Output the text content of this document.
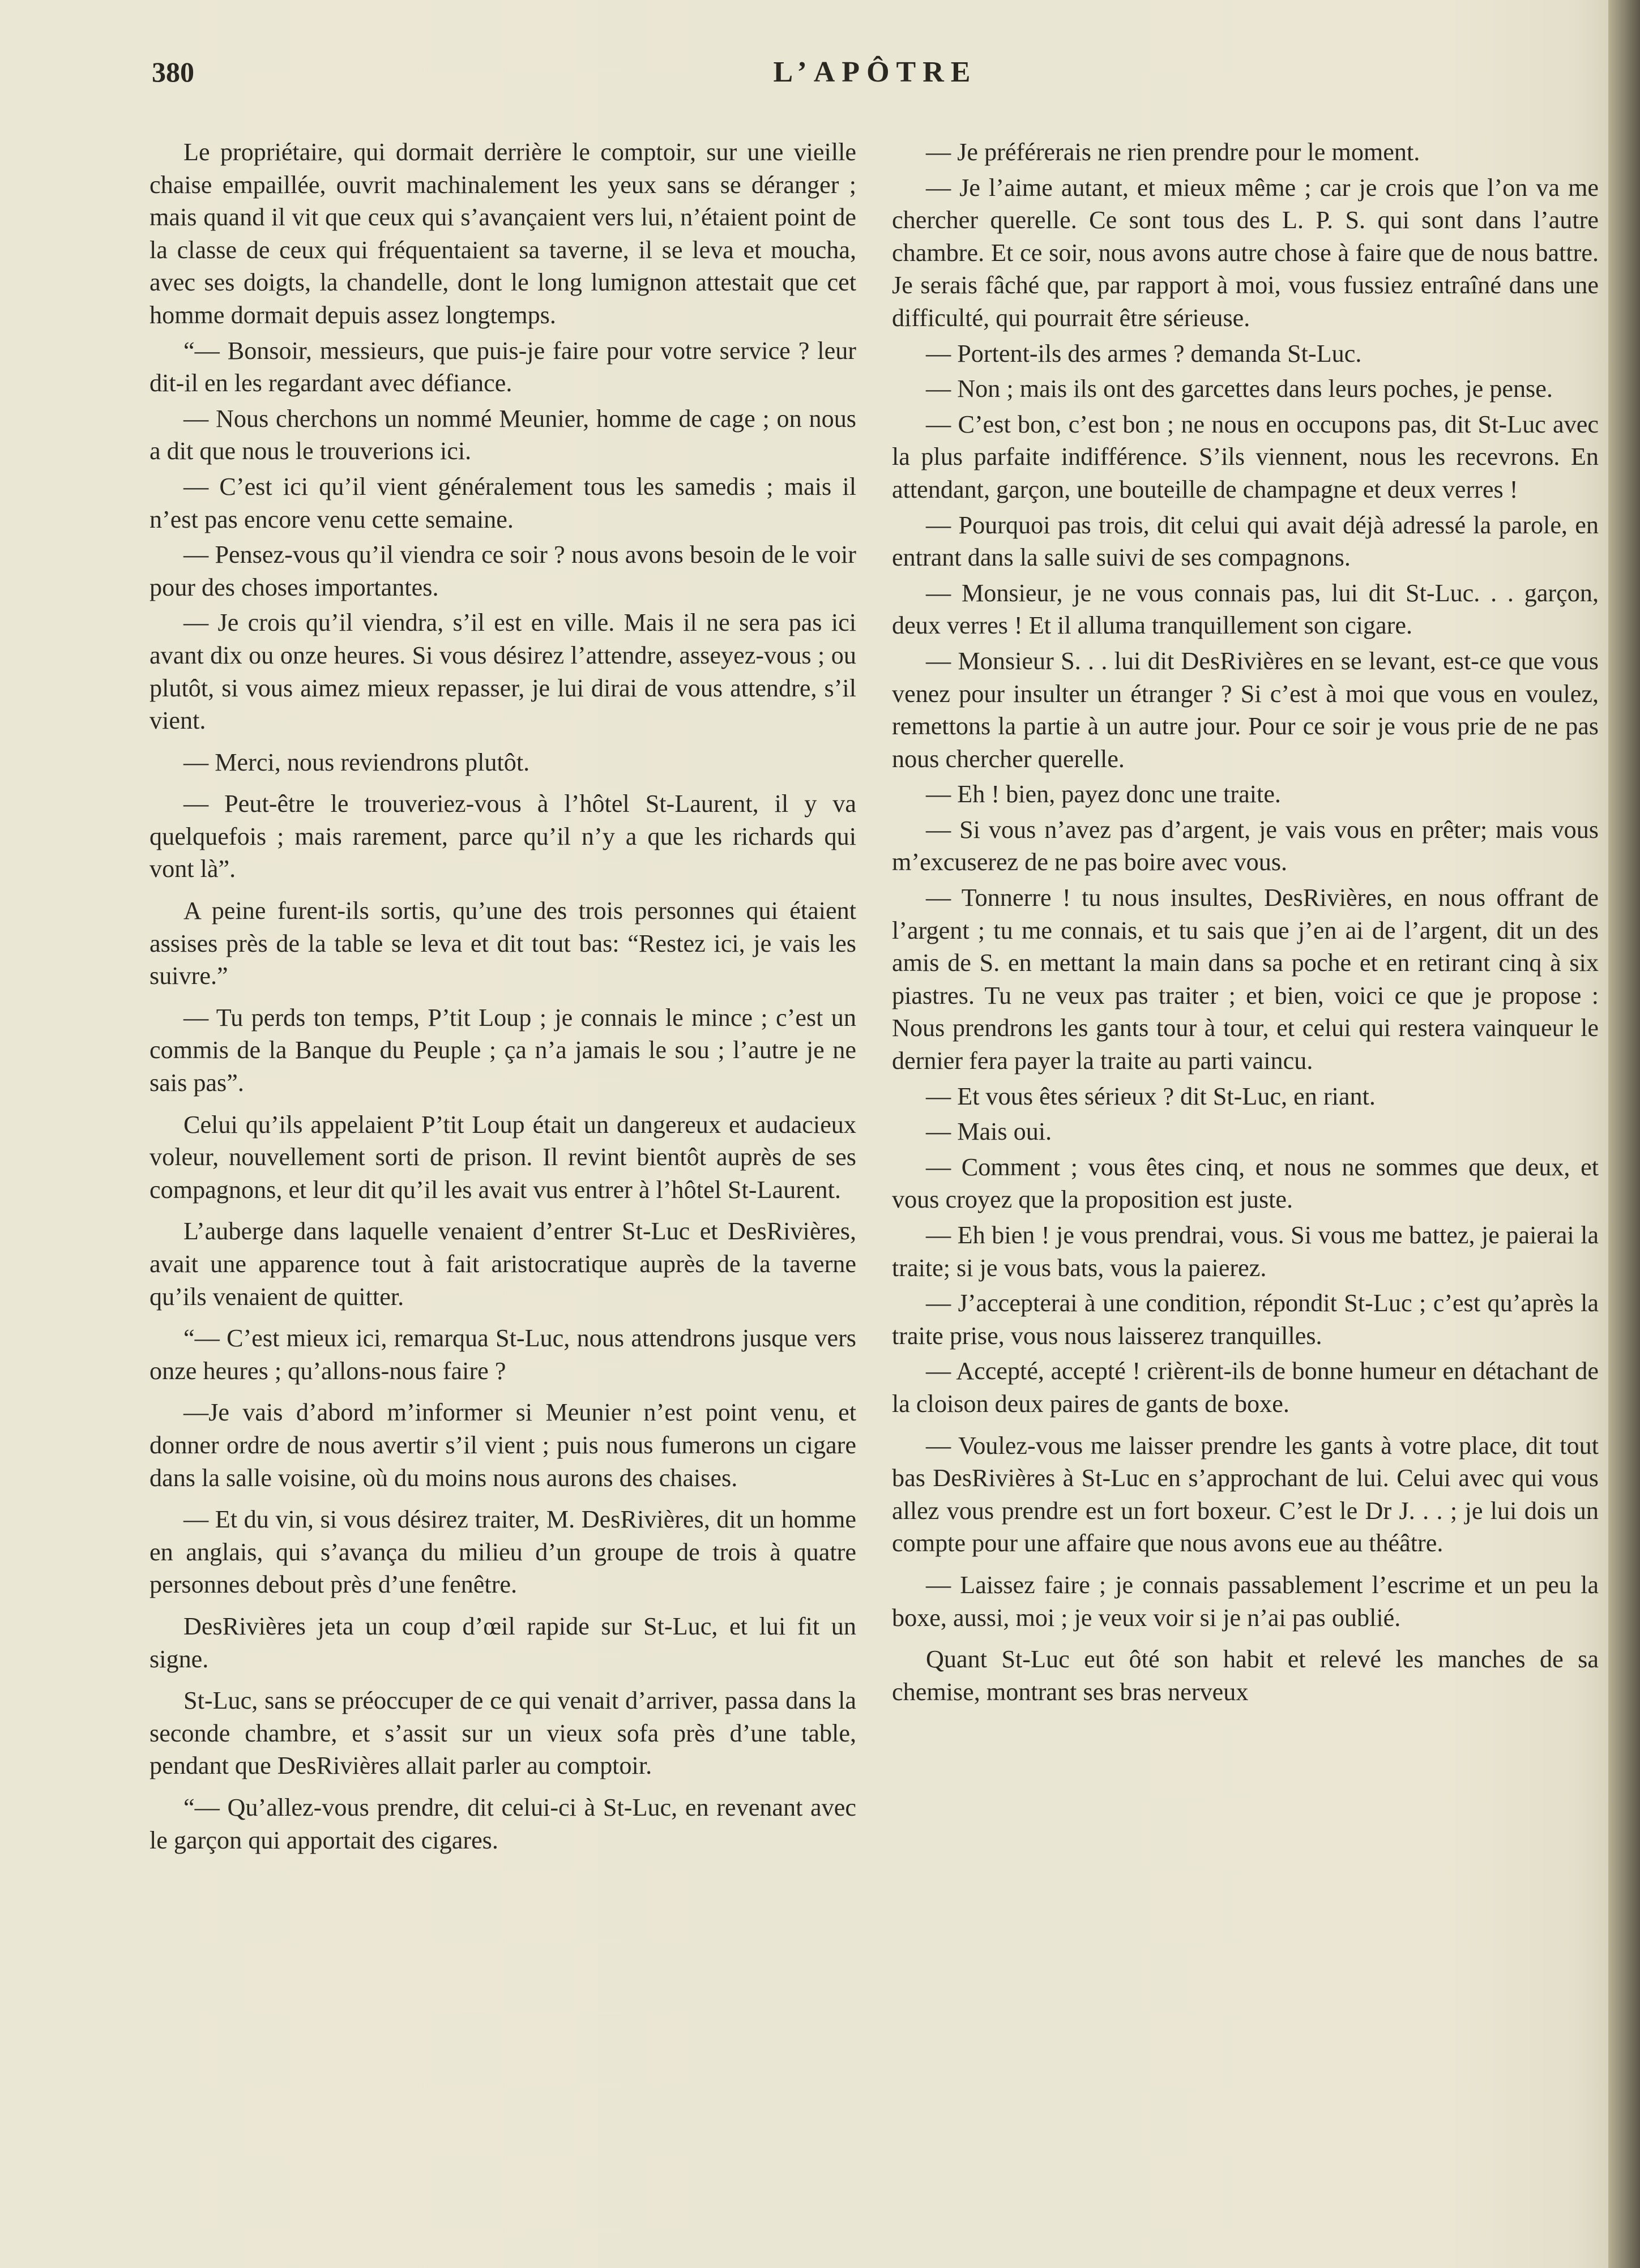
380	L’APÔTRE

Le propriétaire, qui dormait derrière le comptoir, sur une vieille chaise empaillée, ouvrit machinalement les yeux sans se déranger ; mais quand il vit que ceux qui s’avançaient vers lui, n’étaient point de la classe de ceux qui fréquentaient sa taverne, il se leva et moucha, avec ses doigts, la chandelle, dont le long lumignon attestait que cet homme dormait depuis assez longtemps.

“— Bonsoir, messieurs, que puis-je faire pour votre service ? leur dit-il en les regardant avec défiance.

— Nous cherchons un nommé Meunier, homme de cage ; on nous a dit que nous le trouverions ici.

— C’est ici qu’il vient généralement tous les samedis ; mais il n’est pas encore venu cette semaine.

— Pensez-vous qu’il viendra ce soir ? nous avons besoin de le voir pour des choses importantes.

— Je crois qu’il viendra, s’il est en ville. Mais il ne sera pas ici avant dix ou onze heures. Si vous désirez l’attendre, asseyez-vous ; ou plutôt, si vous aimez mieux repasser, je lui dirai de vous attendre, s’il vient.

— Merci, nous reviendrons plutôt.

— Peut-être le trouveriez-vous à l’hôtel St-Laurent, il y va quelquefois ; mais rarement, parce qu’il n’y a que les richards qui vont là”.

A peine furent-ils sortis, qu’une des trois personnes qui étaient assises près de la table se leva et dit tout bas: “Restez ici, je vais les suivre.”

— Tu perds ton temps, P’tit Loup ; je connais le mince ; c’est un commis de la Banque du Peuple ; ça n’a jamais le sou ; l’autre je ne sais pas”.

Celui qu’ils appelaient P’tit Loup était un dangereux et audacieux voleur, nouvellement sorti de prison. Il revint bientôt auprès de ses compagnons, et leur dit qu’il les avait vus entrer à l’hôtel St-Laurent.

L’auberge dans laquelle venaient d’entrer St-Luc et DesRivières, avait une apparence tout à fait aristocratique auprès de la taverne qu’ils venaient de quitter.

“— C’est mieux ici, remarqua St-Luc, nous attendrons jusque vers onze heures ; qu’allons-nous faire ?

—Je vais d’abord m’informer si Meunier n’est point venu, et donner ordre de nous avertir s’il vient ; puis nous fumerons un cigare dans la salle voisine, où du moins nous aurons des chaises.

— Et du vin, si vous désirez traiter, M. DesRivières, dit un homme en anglais, qui s’avança du milieu d’un groupe de trois à quatre personnes debout près d’une fenêtre.

DesRivières jeta un coup d’œil rapide sur St-Luc, et lui fit un signe.

St-Luc, sans se préoccuper de ce qui venait d’arriver, passa dans la seconde chambre, et s’assit sur un vieux sofa près d’une table, pendant que DesRivières allait parler au comptoir.

“— Qu’allez-vous prendre, dit celui-ci à St-Luc, en revenant avec le garçon qui apportait des cigares.

— Je préférerais ne rien prendre pour le moment.

— Je l’aime autant, et mieux même ; car je crois que l’on va me chercher querelle. Ce sont tous des L. P. S. qui sont dans l’autre chambre. Et ce soir, nous avons autre chose à faire que de nous battre. Je serais fâché que, par rapport à moi, vous fussiez entraîné dans une difficulté, qui pourrait être sérieuse.

— Portent-ils des armes ? demanda St-Luc.

— Non ; mais ils ont des garcettes dans leurs poches, je pense.

— C’est bon, c’est bon ; ne nous en occupons pas, dit St-Luc avec la plus parfaite indifférence. S’ils viennent, nous les recevrons. En attendant, garçon, une bouteille de champagne et deux verres !

— Pourquoi pas trois, dit celui qui avait déjà adressé la parole, en entrant dans la salle suivi de ses compagnons.

— Monsieur, je ne vous connais pas, lui dit St-Luc. . . garçon, deux verres ! Et il alluma tranquillement son cigare.

— Monsieur S. . . lui dit DesRivières en se levant, est-ce que vous venez pour insulter un étranger ? Si c’est à moi que vous en voulez, remettons la partie à un autre jour. Pour ce soir je vous prie de ne pas nous chercher querelle.

— Eh ! bien, payez donc une traite.

— Si vous n’avez pas d’argent, je vais vous en prêter; mais vous m’excuserez de ne pas boire avec vous.

— Tonnerre ! tu nous insultes, DesRivières, en nous offrant de l’argent ; tu me connais, et tu sais que j’en ai de l’argent, dit un des amis de S. en mettant la main dans sa poche et en retirant cinq à six piastres. Tu ne veux pas traiter ; et bien, voici ce que je propose : Nous prendrons les gants tour à tour, et celui qui restera vainqueur le dernier fera payer la traite au parti vaincu.

— Et vous êtes sérieux ? dit St-Luc, en riant.

— Mais oui.

— Comment ; vous êtes cinq, et nous ne sommes que deux, et vous croyez que la proposition est juste.

— Eh bien ! je vous prendrai, vous. Si vous me battez, je paierai la traite; si je vous bats, vous la paierez.

— J’accepterai à une condition, répondit St-Luc ; c’est qu’après la traite prise, vous nous laisserez tranquilles.

— Accepté, accepté ! crièrent-ils de bonne humeur en détachant de la cloison deux paires de gants de boxe.

— Voulez-vous me laisser prendre les gants à votre place, dit tout bas DesRivières à St-Luc en s’approchant de lui. Celui avec qui vous allez vous prendre est un fort boxeur. C’est le Dr J. . . ; je lui dois un compte pour une affaire que nous avons eue au théâtre.

— Laissez faire ; je connais passablement l’escrime et un peu la boxe, aussi, moi ; je veux voir si je n’ai pas oublié.

Quant St-Luc eut ôté son habit et relevé les manches de sa chemise, montrant ses bras nerveux
